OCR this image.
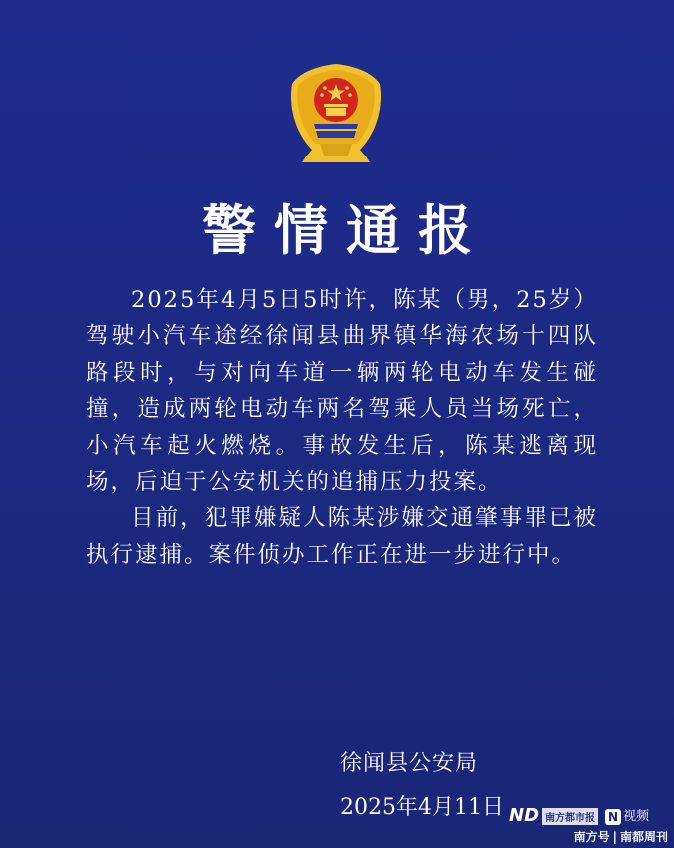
警情通报

2025年4月5日5时许，陈某（男，25岁）驾驶小汽车途经徐闻县曲界镇华海农场十四队路段时，与对向车道一辆两轮电动车发生碰撞，造成两轮电动车两名驾乘人员当场死亡，小汽车起火燃烧。事故发生后，陈某逃离现场，后迫于公安机关的追捕压力投案。

目前，犯罪嫌疑人陈某涉嫌交通肇事罪已被执行逮捕。案件侦办工作正在进一步进行中。

徐闻县公安局
2025年4月11日 ND 南方都市报	N 视频
南方号 | 南都周刊
